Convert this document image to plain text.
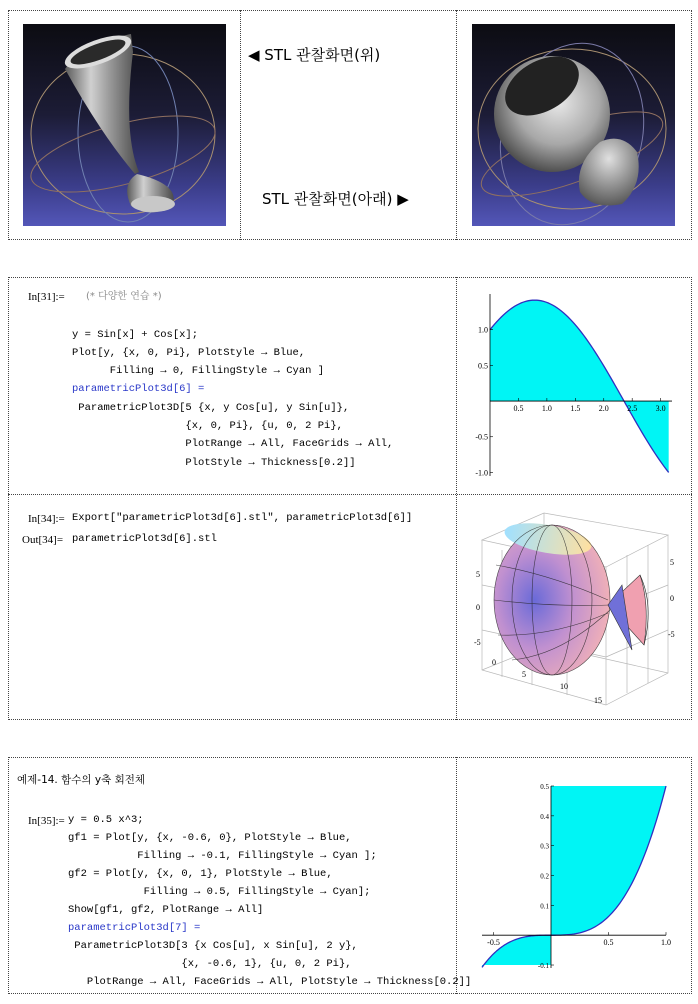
◀ STL 관찰화면(위)
STL 관찰화면(아래) ▶
In[31]:= (* 다양한 연습 *)
y = Sin[x] + Cos[x];
Plot[y, {x, 0, Pi}, PlotStyle → Blue,
Filling → 0, FillingStyle → Cyan ]
parametricPlot3d[6] =
ParametricPlot3D[5 {x, y Cos[u], y Sin[u]},
{x, 0, Pi}, {u, 0, 2 Pi},
PlotRange → All, FaceGrids → All,
PlotStyle → Thickness[0.2]]
0.5 1.0 1.5 2.0 2.5 3.0
1.0
0.5
-0.5
-1.0
In[34]:= Export["parametricPlot3d[6].stl", parametricPlot3d[6]]
Out[34]= parametricPlot3d[6].stl
5
0
-5
5
0
-5
0
5
10
15
예제-14. 함수의 y축 회전체
In[35]:= y = 0.5 x^3;
gf1 = Plot[y, {x, -0.6, 0}, PlotStyle → Blue,
Filling → -0.1, FillingStyle → Cyan ];
gf2 = Plot[y, {x, 0, 1}, PlotStyle → Blue,
Filling → 0.5, FillingStyle → Cyan];
Show[gf1, gf2, PlotRange → All]
parametricPlot3d[7] =
ParametricPlot3D[3 {x Cos[u], x Sin[u], 2 y},
{x, -0.6, 1}, {u, 0, 2 Pi},
PlotRange → All, FaceGrids → All, PlotStyle → Thickness[0.2]]
-0.5	0.5	1.0
0.5
0.4
0.3
0.2
0.1
-0.1
